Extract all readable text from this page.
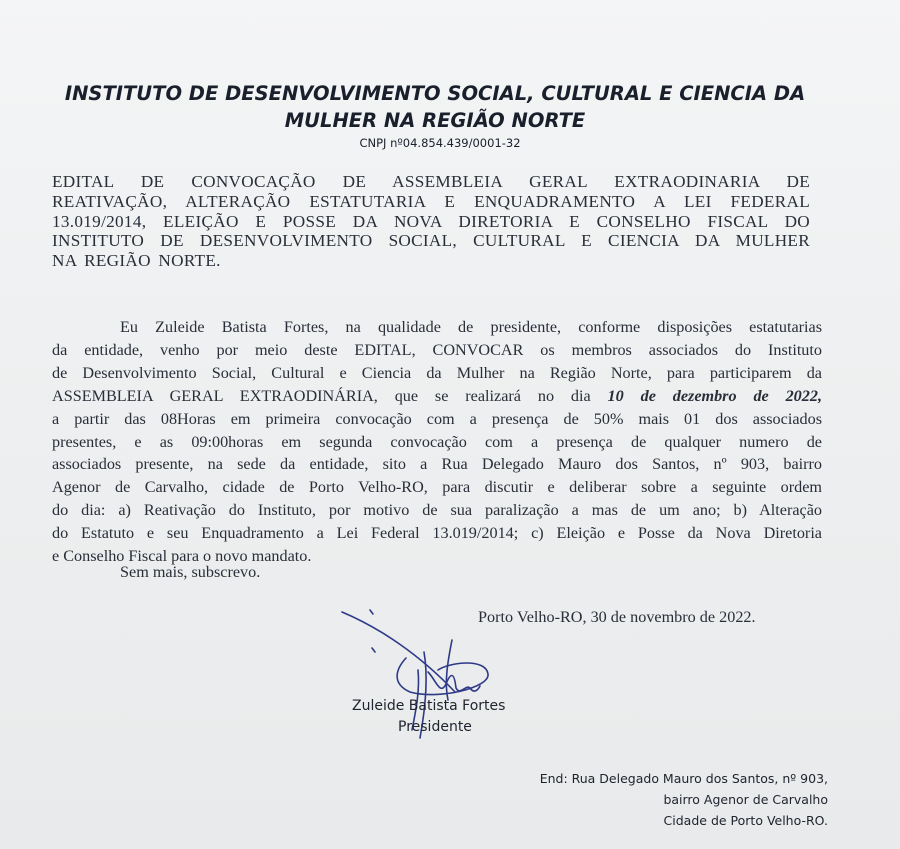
INSTITUTO DE DESENVOLVIMENTO SOCIAL, CULTURAL E CIENCIA DA
MULHER NA REGIÃO NORTE
CNPJ nº04.854.439/0001-32
EDITAL DE CONVOCAÇÃO DE ASSEMBLEIA GERAL EXTRAODINARIA DE
REATIVAÇÃO, ALTERAÇÃO ESTATUTARIA E ENQUADRAMENTO A LEI FEDERAL
13.019/2014, ELEIÇÃO E POSSE DA NOVA DIRETORIA E CONSELHO FISCAL DO
INSTITUTO DE DESENVOLVIMENTO SOCIAL, CULTURAL E CIENCIA DA MULHER
NA REGIÃO NORTE.
Eu Zuleide Batista Fortes, na qualidade de presidente, conforme disposições estatutarias
da entidade, venho por meio deste EDITAL, CONVOCAR os membros associados do Instituto
de Desenvolvimento Social, Cultural e Ciencia da Mulher na Região Norte, para participarem da
ASSEMBLEIA GERAL EXTRAODINÁRIA, que se realizará no dia 10 de dezembro de 2022,
a partir das 08Horas em primeira convocação com a presença de 50% mais 01 dos associados
presentes, e as 09:00horas em segunda convocação com a presença de qualquer numero de
associados presente, na sede da entidade, sito a Rua Delegado Mauro dos Santos, nº 903, bairro
Agenor de Carvalho, cidade de Porto Velho-RO, para discutir e deliberar sobre a seguinte ordem
do dia: a) Reativação do Instituto, por motivo de sua paralização a mas de um ano; b) Alteração
do Estatuto e seu Enquadramento a Lei Federal 13.019/2014; c) Eleição e Posse da Nova Diretoria
e Conselho Fiscal para o novo mandato.
Sem mais, subscrevo.
Porto Velho-RO, 30 de novembro de 2022.
Zuleide Batista Fortes
Presidente
End: Rua Delegado Mauro dos Santos, nº 903,
bairro Agenor de Carvalho
Cidade de Porto Velho-RO.
